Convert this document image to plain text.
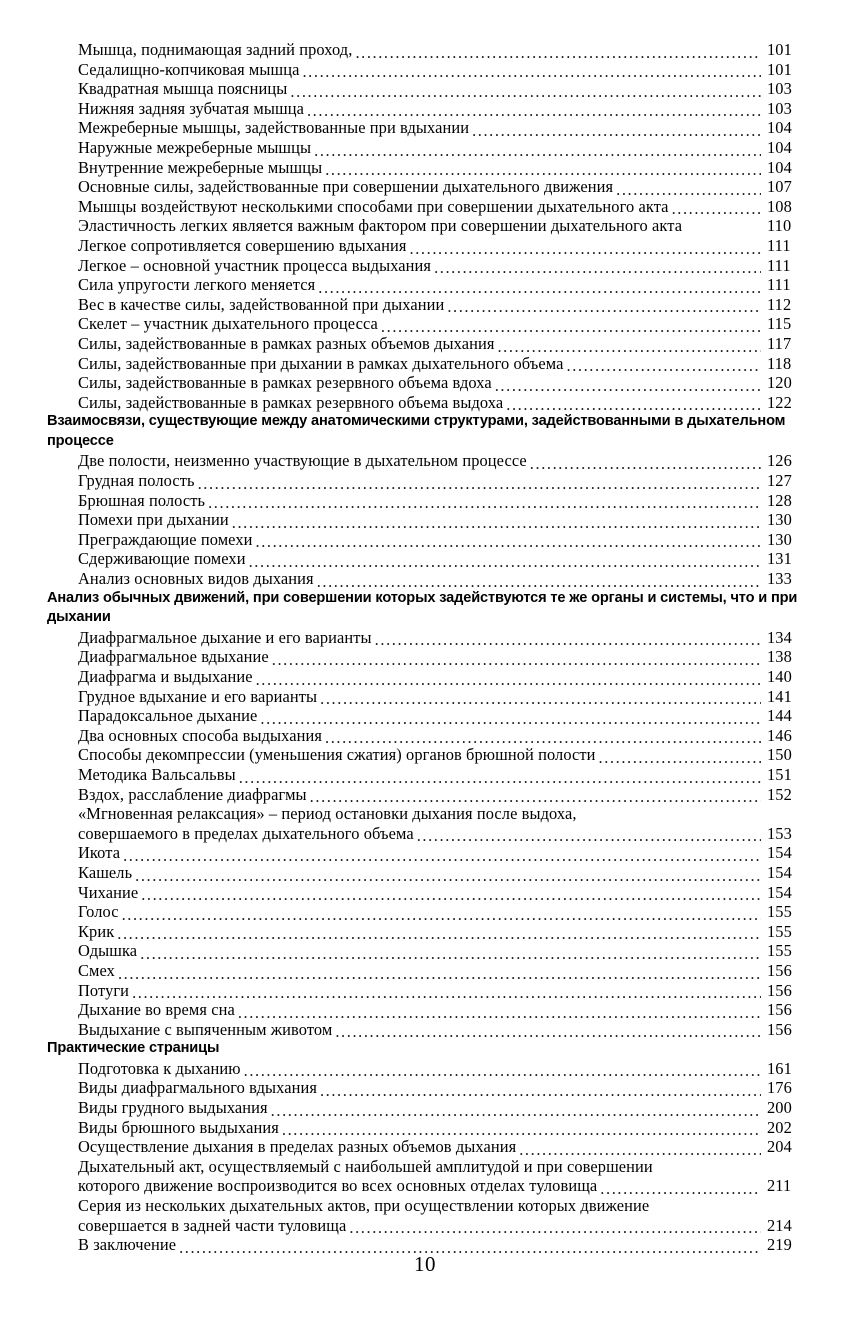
Мышца, поднимающая задний проход, .....	101
Седалищно-копчиковая мышца .....	101
Квадратная мышца поясницы .....	103
Нижняя задняя зубчатая мышца .....	103
Межреберные мышцы, задействованные при вдыхании .....	104
Наружные межреберные мышцы .....	104
Внутренние межреберные мышцы .....	104
Основные силы, задействованные при совершении дыхательного движения .....	107
Мышцы воздействуют несколькими способами при совершении дыхательного акта .....	108
Эластичность легких является важным фактором при совершении дыхательного акта	110
Легкое сопротивляется совершению вдыхания .....	111
Легкое – основной участник процесса выдыхания .....	111
Сила упругости легкого меняется .....	111
Вес в качестве силы, задействованной при дыхании .....	112
Скелет – участник дыхательного процесса .....	115
Силы, задействованные в рамках разных объемов дыхания .....	117
Силы, задействованные при дыхании в рамках дыхательного объема .....	118
Силы, задействованные в рамках резервного объема вдоха .....	120
Силы, задействованные в рамках резервного объема выдоха .....	122
Взаимосвязи, существующие между анатомическими структурами, задействованными в дыхательном процессе
Две полости, неизменно участвующие в дыхательном процессе .....	126
Грудная полость .....	127
Брюшная полость .....	128
Помехи при дыхании .....	130
Преграждающие помехи .....	130
Сдерживающие помехи .....	131
Анализ основных видов дыхания .....	133
Анализ обычных движений, при совершении которых задействуются те же органы и системы, что и при дыхании
Диафрагмальное дыхание и его варианты .....	134
Диафрагмальное вдыхание .....	138
Диафрагма и выдыхание .....	140
Грудное вдыхание и его варианты .....	141
Парадоксальное дыхание .....	144
Два основных способа выдыхания .....	146
Способы декомпрессии (уменьшения сжатия) органов брюшной полости .....	150
Методика Вальсальвы .....	151
Вздох, расслабление диафрагмы .....	152
«Мгновенная релаксация» – период остановки дыхания после выдоха,
совершаемого в пределах дыхательного объема .....	153
Икота .....	154
Кашель .....	154
Чихание .....	154
Голос .....	155
Крик .....	155
Одышка .....	155
Смех .....	156
Потуги .....	156
Дыхание во время сна .....	156
Выдыхание с выпяченным животом .....	156
Практические страницы
Подготовка к дыханию .....	161
Виды диафрагмального вдыхания .....	176
Виды грудного выдыхания .....	200
Виды брюшного выдыхания .....	202
Осуществление дыхания в пределах разных объемов дыхания .....	204
Дыхательный акт, осуществляемый с наибольшей амплитудой и при совершении
которого движение воспроизводится во всех основных отделах туловища .....	211
Серия из нескольких дыхательных актов, при осуществлении которых движение
совершается в задней части туловища .....	214
В заключение .....	219
10
